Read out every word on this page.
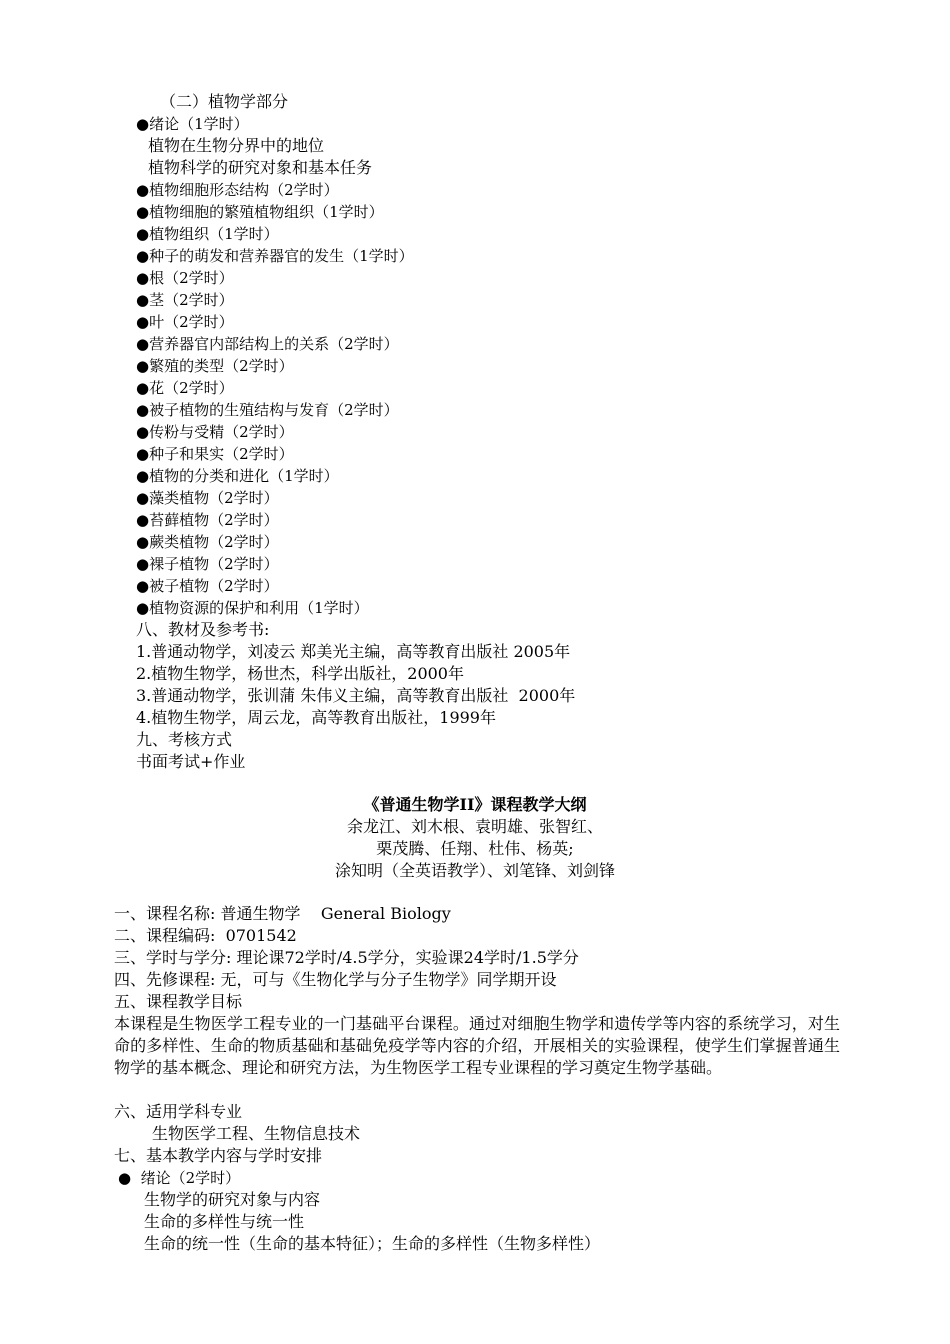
（二）植物学部分
●绪论（1学时）
植物在生物分界中的地位
植物科学的研究对象和基本任务
●植物细胞形态结构（2学时）
●植物细胞的繁殖植物组织（1学时）
●植物组织（1学时）
●种子的萌发和营养器官的发生（1学时）
●根（2学时）
●茎（2学时）
●叶（2学时）
●营养器官内部结构上的关系（2学时）
●繁殖的类型（2学时）
●花（2学时）
●被子植物的生殖结构与发育（2学时）
●传粉与受精（2学时）
●种子和果实（2学时）
●植物的分类和进化（1学时）
●藻类植物（2学时）
●苔藓植物（2学时）
●蕨类植物（2学时）
●裸子植物（2学时）
●被子植物（2学时）
●植物资源的保护和利用（1学时）
八、教材及参考书:
1.普通动物学，刘凌云 郑美光主编，高等教育出版社 2005年
2.植物生物学，杨世杰，科学出版社，2000年
3.普通动物学，张训蒲 朱伟义主编，高等教育出版社  2000年
4.植物生物学，周云龙，高等教育出版社，1999年
九、考核方式
书面考试+作业
《普通生物学II》课程教学大纲
余龙江、刘木根、袁明雄、张智红、
栗茂腾、任翔、杜伟、杨英;
涂知明（全英语教学）、刘笔锋、刘剑锋
一、课程名称: 普通生物学    General Biology
二、课程编码:  0701542
三、学时与学分: 理论课72学时/4.5学分，实验课24学时/1.5学分
四、先修课程: 无，可与《生物化学与分子生物学》同学期开设
五、课程教学目标
本课程是生物医学工程专业的一门基础平台课程。通过对细胞生物学和遗传学等内容的系统学习，对生命的多样性、生命的物质基础和基础免疫学等内容的介绍，开展相关的实验课程，使学生们掌握普通生物学的基本概念、理论和研究方法，为生物医学工程专业课程的学习奠定生物学基础。
六、适用学科专业
生物医学工程、生物信息技术
七、基本教学内容与学时安排
●  绪论（2学时）
生物学的研究对象与内容
生命的多样性与统一性
生命的统一性（生命的基本特征）；生命的多样性（生物多样性）
